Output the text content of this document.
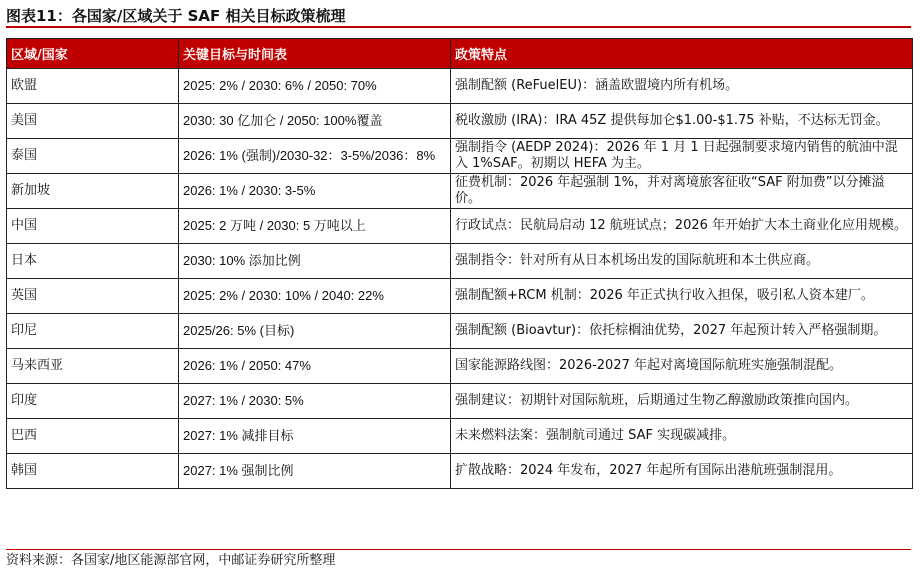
图表11：各国家/区域关于 SAF 相关目标政策梳理
区域/国家	关键目标与时间表	政策特点
欧盟	2025: 2% / 2030: 6% / 2050: 70%	强制配额 (ReFuelEU)：涵盖欧盟境内所有机场。
美国	2030: 30 亿加仑 / 2050: 100%覆盖	税收激励 (IRA)：IRA 45Z 提供每加仑$1.00-$1.75 补贴，不达标无罚金。
泰国	2026: 1% (强制)/2030-32：3-5%/2036：8%	强制指令 (AEDP 2024)：2026 年 1 月 1 日起强制要求境内销售的航油中混入 1%SAF。初期以 HEFA 为主。
新加坡	2026: 1% / 2030: 3-5%	征费机制：2026 年起强制 1%，并对离境旅客征收“SAF 附加费”以分摊溢价。
中国	2025: 2 万吨 / 2030: 5 万吨以上	行政试点：民航局启动 12 航班试点；2026 年开始扩大本土商业化应用规模。
日本	2030: 10% 添加比例	强制指令：针对所有从日本机场出发的国际航班和本土供应商。
英国	2025: 2% / 2030: 10% / 2040: 22%	强制配额+RCM 机制：2026 年正式执行收入担保，吸引私人资本建厂。
印尼	2025/26: 5% (目标)	强制配额 (Bioavtur)：依托棕榈油优势，2027 年起预计转入严格强制期。
马来西亚	2026: 1% / 2050: 47%	国家能源路线图：2026-2027 年起对离境国际航班实施强制混配。
印度	2027: 1% / 2030: 5%	强制建议：初期针对国际航班，后期通过生物乙醇激励政策推向国内。
巴西	2027: 1% 减排目标	未来燃料法案：强制航司通过 SAF 实现碳减排。
韩国	2027: 1% 强制比例	扩散战略：2024 年发布，2027 年起所有国际出港航班强制混用。
资料来源：各国家/地区能源部官网，中邮证券研究所整理
